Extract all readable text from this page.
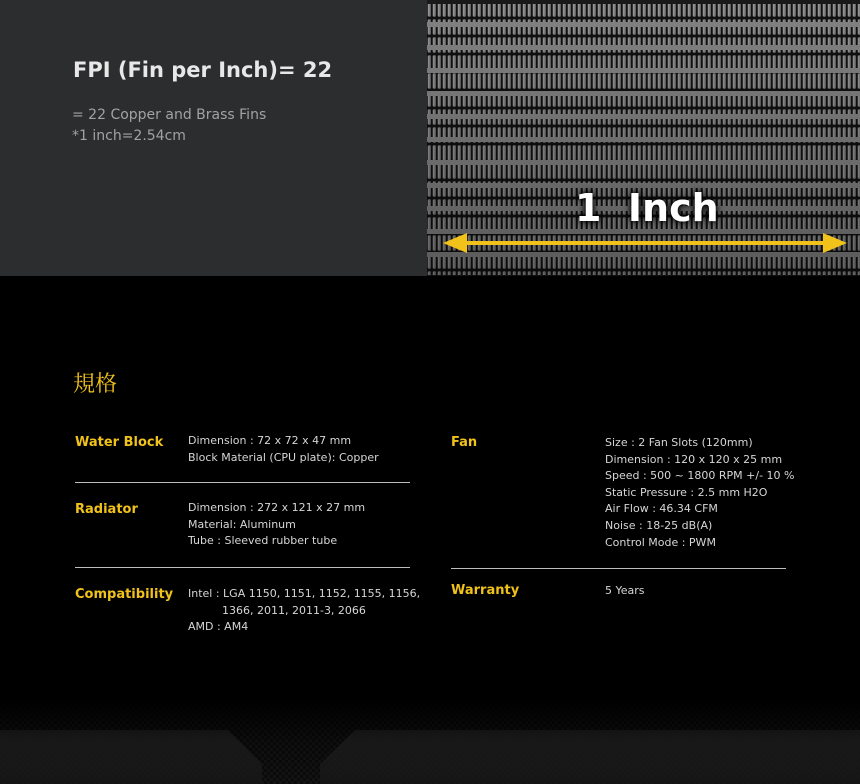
FPI (Fin per Inch)= 22
= 22 Copper and Brass Fins
*1 inch=2.54cm
1  Inch
規格
Water Block Dimension : 72 x 72 x 47 mm
Block Material (CPU plate): Copper
Radiator	Dimension : 272 x 121 x 27 mm
Material: Aluminum
Tube : Sleeved rubber tube
Compatibility Intel : LGA 1150, 1151, 1152, 1155, 1156,
1366, 2011, 2011-3, 2066
AMD : AM4
Fan	Size : 2 Fan Slots (120mm)
Dimension : 120 x 120 x 25 mm
Speed : 500 ~ 1800 RPM +/- 10 %
Static Pressure : 2.5 mm H2O
Air Flow : 46.34 CFM
Noise : 18-25 dB(A)
Control Mode : PWM
Warranty	5 Years
